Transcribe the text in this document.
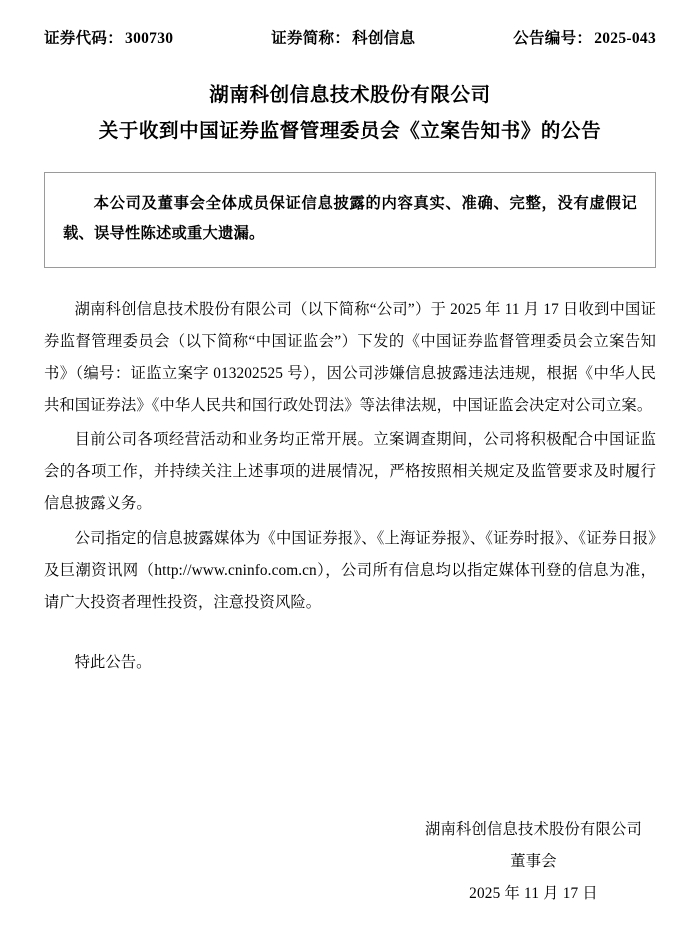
证券代码： 300730	证券简称： 科创信息	公告编号： 2025-043
湖南科创信息技术股份有限公司
关于收到中国证券监督管理委员会《立案告知书》的公告
本公司及董事会全体成员保证信息披露的内容真实、准确、完整，没有虚假记载、误导性陈述或重大遗漏。

湖南科创信息技术股份有限公司（以下简称“公司”）于 2025 年 11 月 17 日收到中国证券监督管理委员会（以下简称“中国证监会”）下发的《中国证券监督管理委员会立案告知书》（编号：证监立案字 013202525 号），因公司涉嫌信息披露违法违规，根据《中华人民共和国证券法》《中华人民共和国行政处罚法》等法律法规，中国证监会决定对公司立案。

目前公司各项经营活动和业务均正常开展。立案调查期间，公司将积极配合中国证监会的各项工作，并持续关注上述事项的进展情况，严格按照相关规定及监管要求及时履行信息披露义务。

公司指定的信息披露媒体为《中国证券报》、《上海证券报》、《证券时报》、《证券日报》及巨潮资讯网（http://www.cninfo.com.cn），公司所有信息均以指定媒体刊登的信息为准，请广大投资者理性投资，注意投资风险。

特此公告。

湖南科创信息技术股份有限公司
董事会
2025 年 11 月 17 日
